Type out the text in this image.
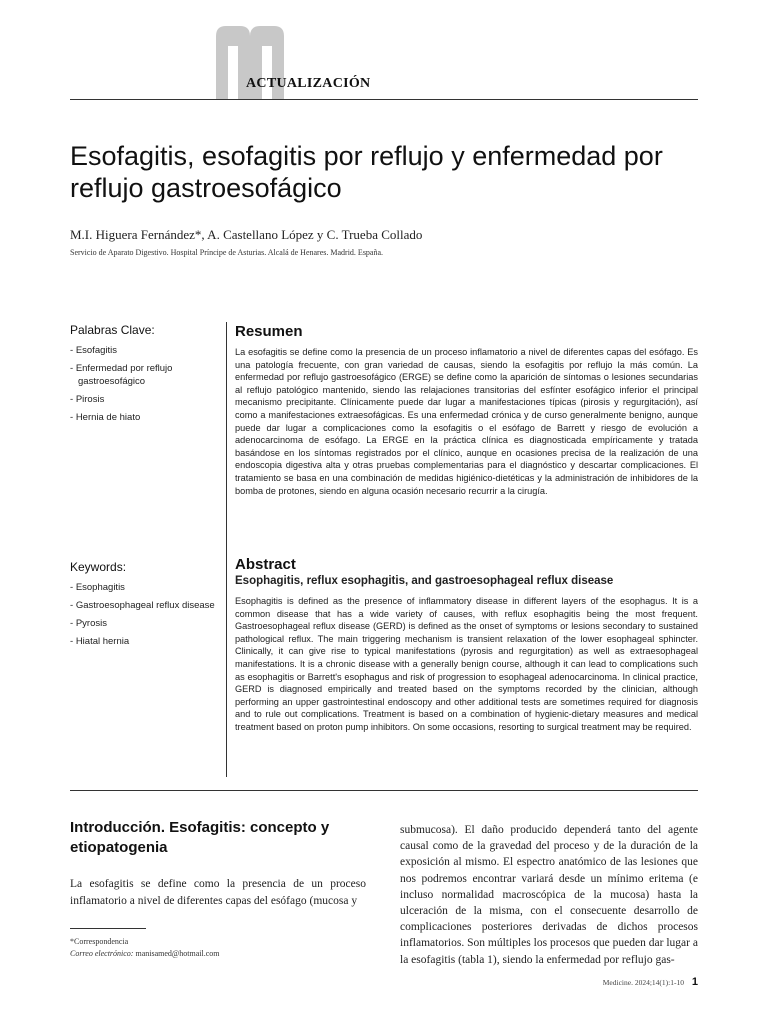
ACTUALIZACIÓN
Esofagitis, esofagitis por reflujo y enfermedad por reflujo gastroesofágico
M.I. Higuera Fernández*, A. Castellano López y C. Trueba Collado
Servicio de Aparato Digestivo. Hospital Príncipe de Asturias. Alcalá de Henares. Madrid. España.
Palabras Clave:
- Esofagitis
- Enfermedad por reflujo gastroesofágico
- Pirosis
- Hernia de hiato
Keywords:
- Esophagitis
- Gastroesophageal reflux disease
- Pyrosis
- Hiatal hernia
Resumen

La esofagitis se define como la presencia de un proceso inflamatorio a nivel de diferentes capas del esófago. Es una patología frecuente, con gran variedad de causas, siendo la esofagitis por reflujo la más común. La enfermedad por reflujo gastroesofágico (ERGE) se define como la aparición de síntomas o lesiones secundarias al reflujo patológico mantenido, siendo las relajaciones transitorias del esfínter esofágico inferior el principal mecanismo precipitante. Clínicamente puede dar lugar a manifestaciones típicas (pirosis y regurgitación), así como a manifestaciones extraesofágicas. Es una enfermedad crónica y de curso generalmente benigno, aunque puede dar lugar a complicaciones como la esofagitis o el esófago de Barrett y riesgo de evolución a adenocarcinoma de esófago. La ERGE en la práctica clínica es diagnosticada empíricamente y tratada basándose en los síntomas registrados por el clínico, aunque en ocasiones precisa de la realización de una endoscopia digestiva alta y otras pruebas complementarias para el diagnóstico y descartar complicaciones. El tratamiento se basa en una combinación de medidas higiénico-dietéticas y la administración de inhibidores de la bomba de protones, siendo en alguna ocasión necesario recurrir a la cirugía.

Abstract
Esophagitis, reflux esophagitis, and gastroesophageal reflux disease

Esophagitis is defined as the presence of inflammatory disease in different layers of the esophagus. It is a common disease that has a wide variety of causes, with reflux esophagitis being the most frequent. Gastroesophageal reflux disease (GERD) is defined as the onset of symptoms or lesions secondary to sustained pathological reflux. The main triggering mechanism is transient relaxation of the lower esophageal sphincter. Clinically, it can give rise to typical manifestations (pyrosis and regurgitation) as well as extraesophageal manifestations. It is a chronic disease with a generally benign course, although it can lead to complications such as esophagitis or Barrett's esophagus and risk of progression to esophageal adenocarcinoma. In clinical practice, GERD is diagnosed empirically and treated based on the symptoms recorded by the clinician, although performing an upper gastrointestinal endoscopy and other additional tests are sometimes required for diagnosis and to rule out complications. Treatment is based on a combination of hygienic-dietary measures and medical treatment based on proton pump inhibitors. On some occasions, resorting to surgical treatment may be required.

Introducción. Esofagitis: concepto y etiopatogenia

La esofagitis se define como la presencia de un proceso inflamatorio a nivel de diferentes capas del esófago (mucosa y

submucosa). El daño producido dependerá tanto del agente causal como de la gravedad del proceso y de la duración de la exposición al mismo. El espectro anatómico de las lesiones que nos podremos encontrar variará desde un mínimo eritema (e incluso normalidad macroscópica de la mucosa) hasta la ulceración de la misma, con el consecuente desarrollo de complicaciones posteriores derivadas de dichos procesos inflamatorios. Son múltiples los procesos que pueden dar lugar a la esofagitis (tabla 1), siendo la enfermedad por reflujo gas-

*Correspondencia
Correo electrónico: manisamed@hotmail.com
Medicine. 2024;14(1):1-10 1
